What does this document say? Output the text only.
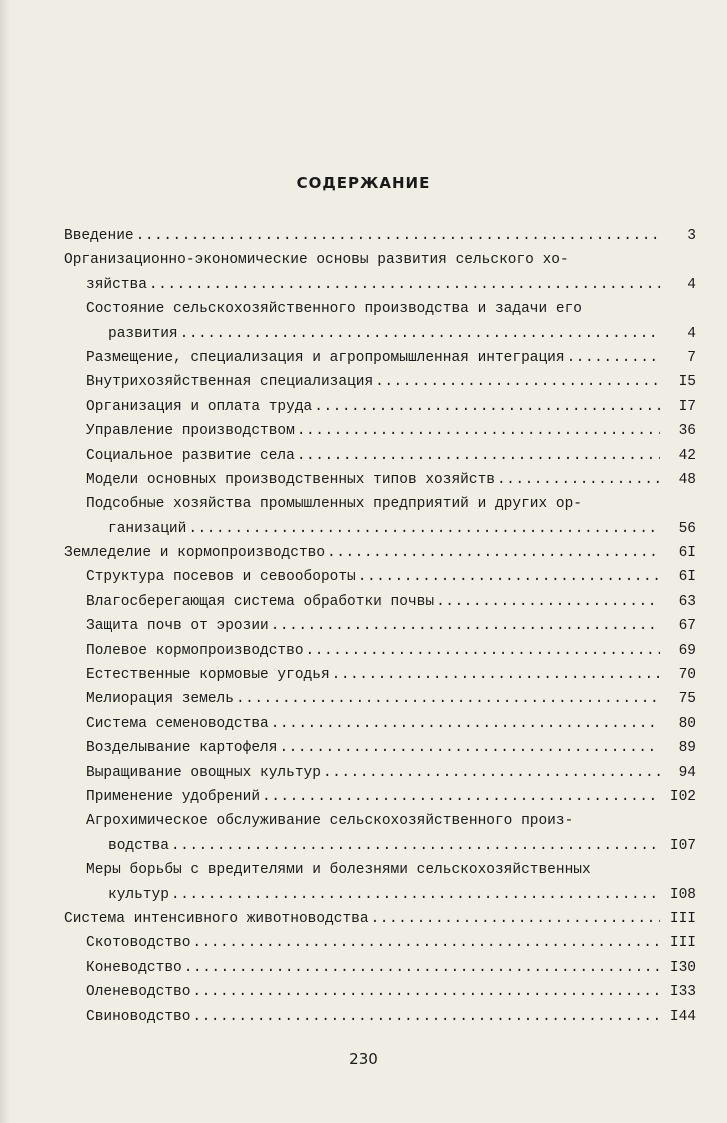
СОДЕРЖАНИЕ
Введение .....	3
Организационно-экономические основы развития сельского хо-
зяйства .....	4
Состояние сельскохозяйственного производства и задачи его
развития .....	4
Размещение, специализация и агропромышленная интеграция .....	7
Внутрихозяйственная специализация .....	I5
Организация и оплата труда .....	I7
Управление производством .....	36
Социальное развитие села .....	42
Модели основных производственных типов хозяйств .....	48
Подсобные хозяйства промышленных предприятий и других ор-
ганизаций .....	56
Земледелие и кормопроизводство .....	6I
Структура посевов и севообороты .....	6I
Влагосберегающая система обработки почвы .....	63
Защита почв от эрозии .....	67
Полевое кормопроизводство .....	69
Естественные кормовые угодья .....	70
Мелиорация земель .....	75
Система семеноводства .....	80
Возделывание картофеля .....	89
Выращивание овощных культур .....	94
Применение удобрений .....	I02
Агрохимическое обслуживание сельскохозяйственного произ-
водства .....	I07
Меры борьбы с вредителями и болезнями сельскохозяйственных
культур .....	I08
Система интенсивного животноводства .....	III
Скотоводство .....	III
Коневодство .....	I30
Оленеводство .....	I33
Свиноводство .....	I44
230
